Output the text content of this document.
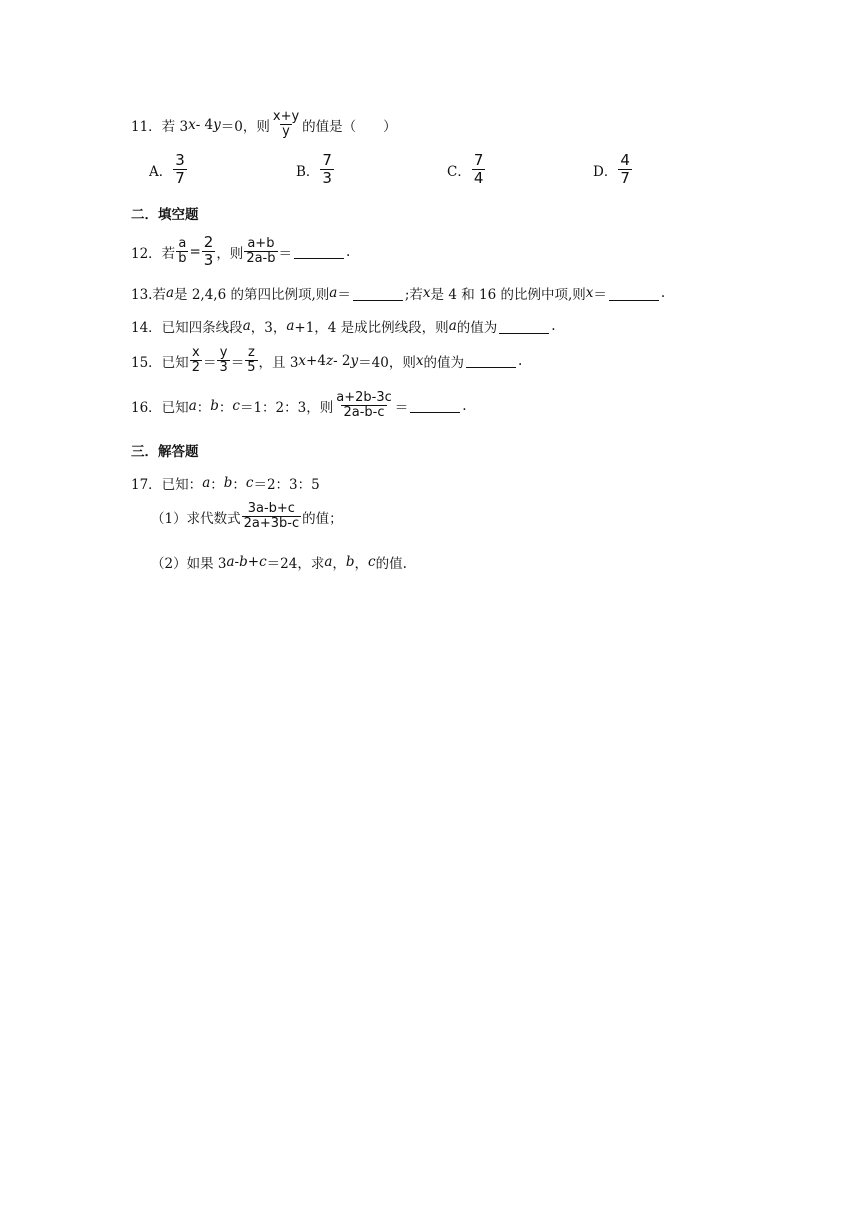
11．若 3 x - 4 y ＝0，则 $\frac{x+y}{y}$ 的值是（　　）
A． $\frac{3}{7}$	B． $\frac{7}{3}$	C． $\frac{7}{4}$	D． $\frac{4}{7}$
二．填空题
12．若 $\frac{a}{b} = \frac{2}{3}$ ，则 $\frac{a+b}{2a-b}$ ＝	.
13.若 a 是 2,4,6 的第四比例项,则 a ＝	;若 x 是 4 和 16 的比例中项,则 x ＝	.
14．已知四条线段 a ，3， a +1，4 是成比例线段，则 a 的值为	.
15．已知 $\frac{x}{2} = \frac{y}{3} = \frac{z}{5}$ ，且 3 x +4 z - 2 y ＝40，则 x 的值为	.
16．已知 a ： b ： c ＝1：2：3，则 $\frac{a+2b-3c}{2a-b-c}$ ＝	.
三．解答题
17．已知： a ： b ： c ＝2：3：5
（1）求代数式 $\frac{3a-b+c}{2a+3b-c}$ 的值；
（2）如果 3 a - b + c ＝24，求 a ， b ， c 的值.
